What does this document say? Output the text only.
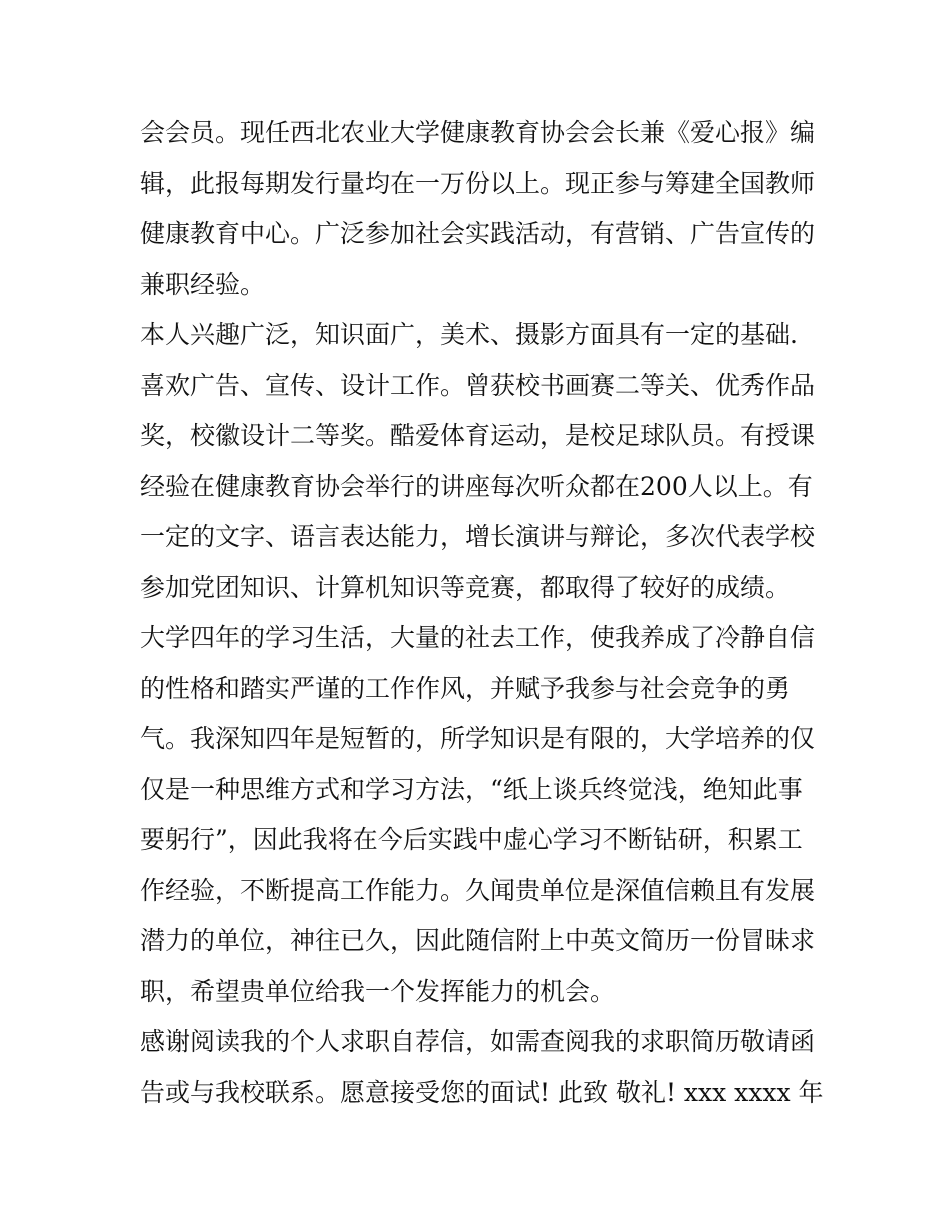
会会员。现任西北农业大学健康教育协会会长兼《爱心报》编
辑，此报每期发行量均在一万份以上。现正参与筹建全国教师
健康教育中心。广泛参加社会实践活动，有营销、广告宣传的
兼职经验。
本人兴趣广泛，知识面广，美术、摄影方面具有一定的基础.
喜欢广告、宣传、设计工作。曾获校书画赛二等关、优秀作品
奖，校徽设计二等奖。酷爱体育运动，是校足球队员。有授课
经验在健康教育协会举行的讲座每次听众都在200人以上。有
一定的文字、语言表达能力，增长演讲与辩论，多次代表学校
参加党团知识、计算机知识等竞赛，都取得了较好的成绩。
大学四年的学习生活，大量的社去工作，使我养成了冷静自信
的性格和踏实严谨的工作作风，并赋予我参与社会竞争的勇
气。我深知四年是短暂的，所学知识是有限的，大学培养的仅
仅是一种思维方式和学习方法，“纸上谈兵终觉浅，绝知此事
要躬行”，因此我将在今后实践中虚心学习不断钻研，积累工
作经验，不断提高工作能力。久闻贵单位是深值信赖且有发展
潜力的单位，神往已久，因此随信附上中英文简历一份冒昧求
职，希望贵单位给我一个发挥能力的机会。
感谢阅读我的个人求职自荐信，如需查阅我的求职简历敬请函
告或与我校联系。愿意接受您的面试! 此致 敬礼! xxx xxxx 年
